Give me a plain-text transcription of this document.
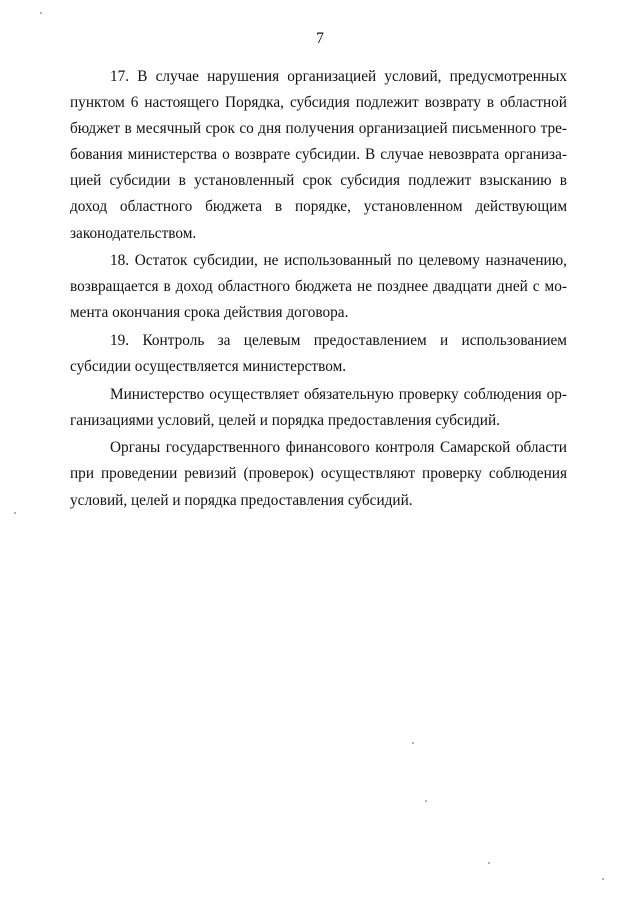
7

17. В случае нарушения организацией условий, предусмотренных пунктом 6 настоящего Порядка, субсидия подлежит возврату в областной бюджет в месячный срок со дня получения организацией письменного требования министерства о возврате субсидии. В случае невозврата организацией субсидии в установленный срок субсидия подлежит взысканию в доход областного бюджета в порядке, установленном действующим законодательством.

18. Остаток субсидии, не использованный по целевому назначению, возвращается в доход областного бюджета не позднее двадцати дней с момента окончания срока действия договора.

19. Контроль за целевым предоставлением и использованием субсидии осуществляется министерством.

Министерство осуществляет обязательную проверку соблюдения организациями условий, целей и порядка предоставления субсидий.

Органы государственного финансового контроля Самарской области при проведении ревизий (проверок) осуществляют проверку соблюдения условий, целей и порядка предоставления субсидий.
